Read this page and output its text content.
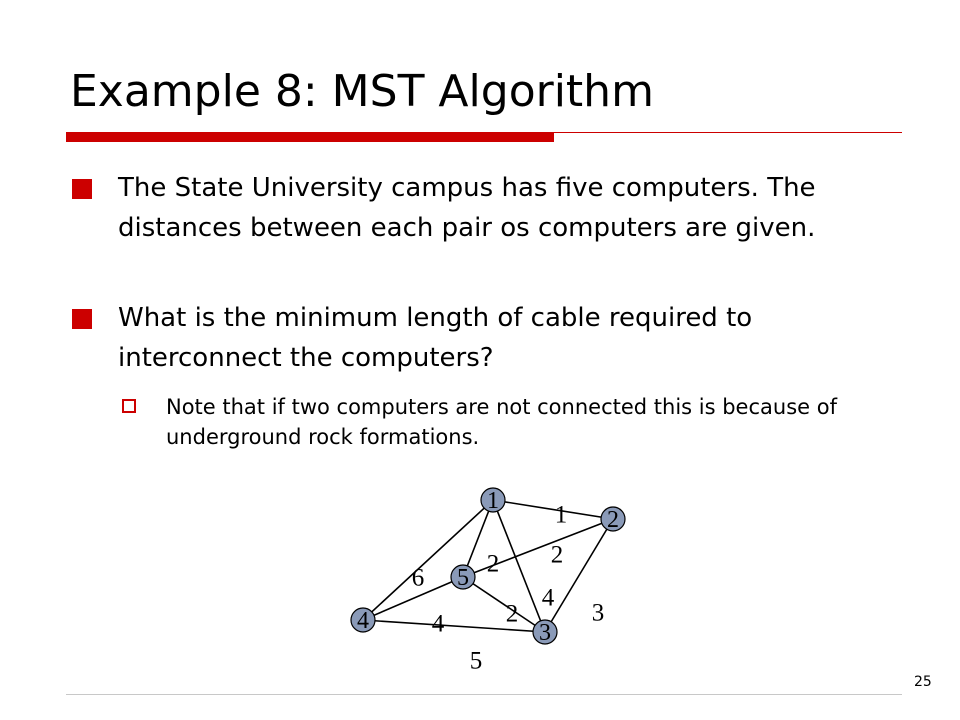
Example 8: MST Algorithm
The State University campus has five computers. The distances between each pair os computers are given.
What is the minimum length of cable required to interconnect the computers?
Note that if two computers are not connected this is because of underground rock formations.
1
2
6
2
4
3
4 2
5
1
2
3
4
5
25
